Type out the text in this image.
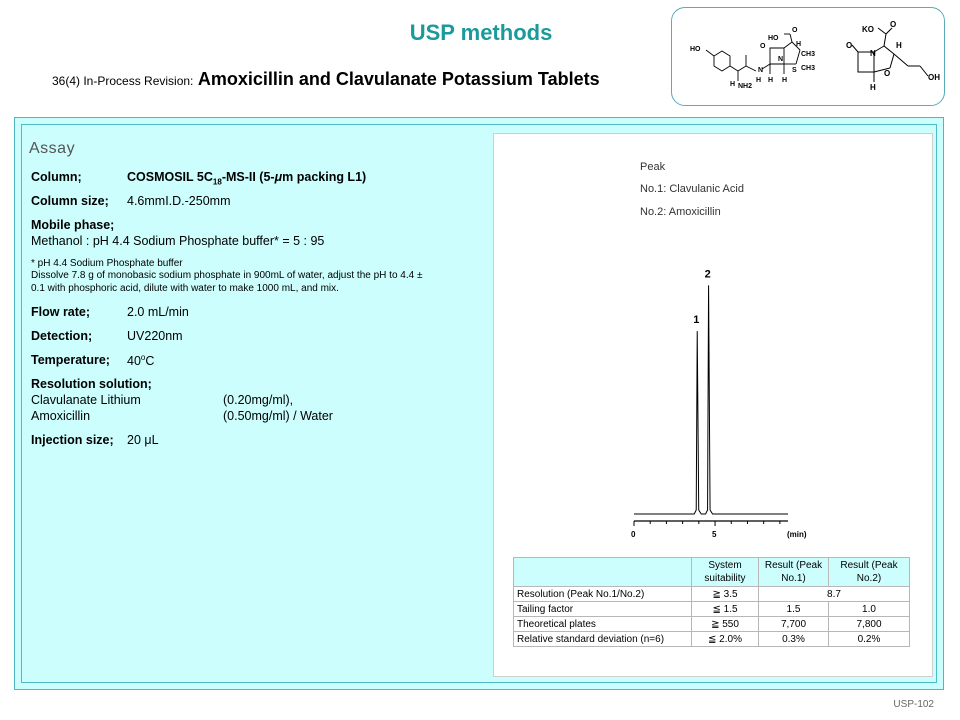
USP methods
36(4) In-Process Revision: Amoxicillin and Clavulanate Potassium Tablets
HO
HO
O
O
N
H
CH3
CH3
S
N
H
NH2
H
H H
KO
O
O
N
H
O
H
OH
Assay
Column;	COSMOSIL $5C_{18}-MS-II$ (5-μm packing L1)
Column size; 4.6mmI.D.-250mm
Mobile phase;
Methanol : pH 4.4 Sodium Phosphate buffer* = 5 : 95
* pH 4.4 Sodium Phosphate buffer
Dissolve 7.8 g of monobasic sodium phosphate in 900mL of water, adjust the pH to 4.4 ±
0.1 with phosphoric acid, dilute with water to make 1000 mL, and mix.
Flow rate;	2.0 mL/min
Detection;	UV220nm
Temperature; 40$^o$C
Resolution solution;
Clavulanate Lithium	(0.20mg/ml),
Amoxicillin	(0.50mg/ml) / Water
Injection size; 20 μL
Peak
No.1: Clavulanic Acid
No.2: Amoxicillin
1
2
0	5	(min)
	System suitability	Result (Peak No.1)	Result (Peak No.2)
Resolution (Peak No.1/No.2)	≧ 3.5	8.7	
Tailing factor	≦ 1.5	1.5	1.0
Theoretical plates	≧ 550	7,700	7,800
Relative standard deviation (n=6)	≦ 2.0%	0.3%	0.2%
USP-102
